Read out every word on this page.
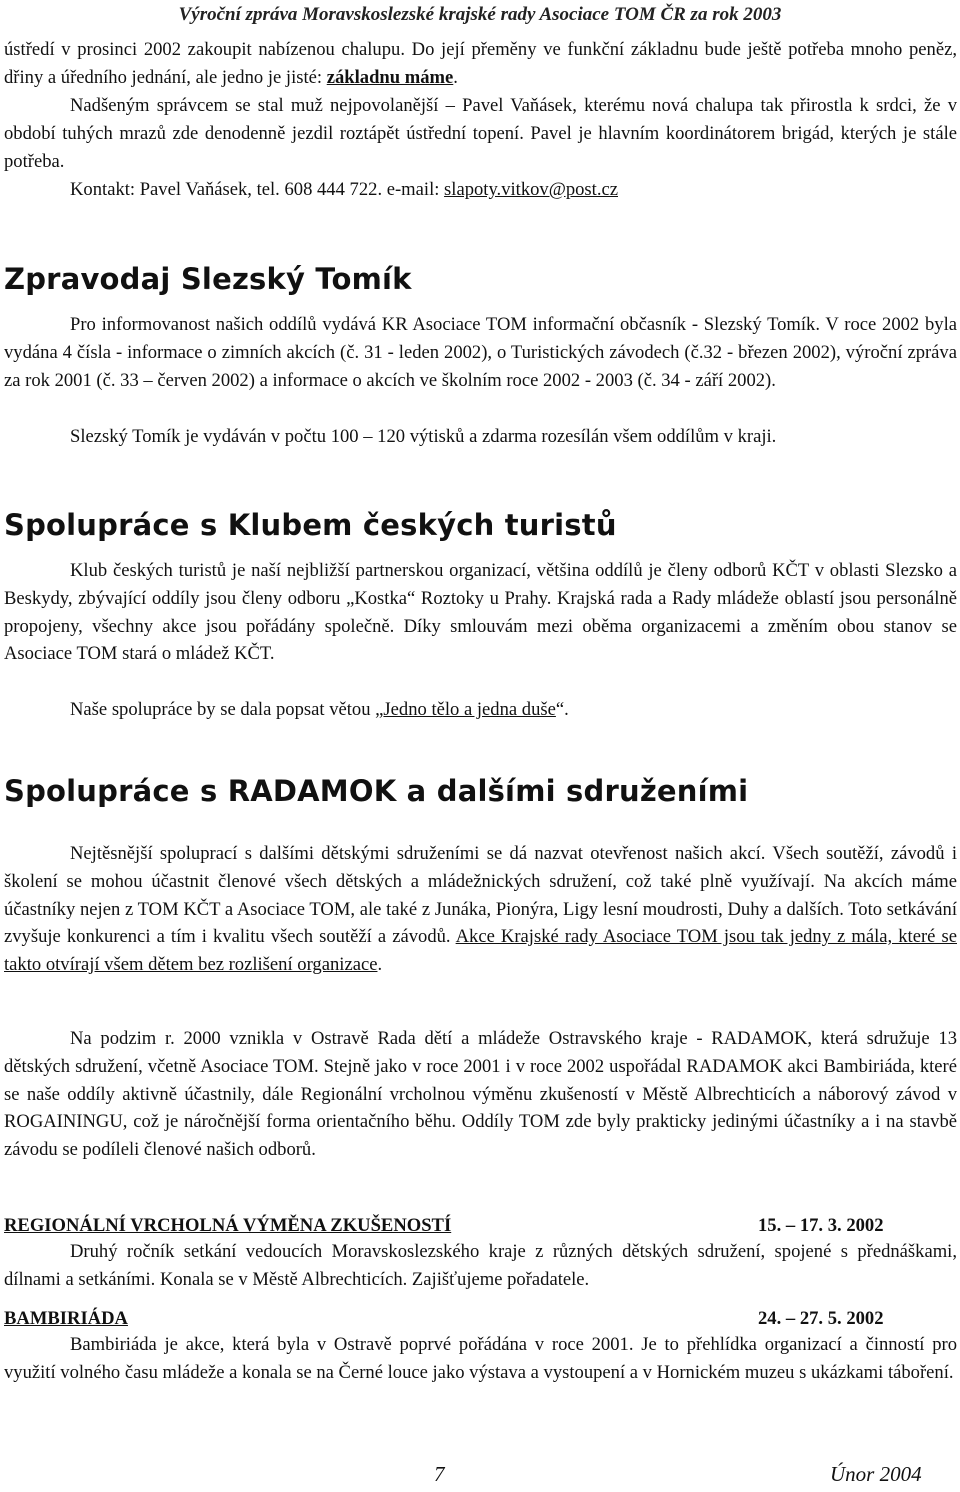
Výroční zpráva Moravskoslezské krajské rady Asociace TOM ČR za rok 2003
ústředí v prosinci 2002 zakoupit nabízenou chalupu. Do její přeměny ve funkční základnu bude ještě potřeba mnoho peněz, dřiny a úředního jednání, ale jedno je jisté: základnu máme.
Nadšeným správcem se stal muž nejpovolanější – Pavel Vaňásek, kterému nová chalupa tak přirostla k srdci, že v období tuhých mrazů zde denodenně jezdil roztápět ústřední topení. Pavel je hlavním koordinátorem brigád, kterých je stále potřeba.
Kontakt: Pavel Vaňásek, tel. 608 444 722. e-mail: slapoty.vitkov@post.cz
Zpravodaj Slezský Tomík
Pro informovanost našich oddílů vydává KR Asociace TOM informační občasník - Slezský Tomík. V roce 2002 byla vydána 4 čísla - informace o zimních akcích (č. 31 - leden 2002), o Turistických závodech (č.32 - březen 2002), výroční zpráva za rok 2001 (č. 33 – červen 2002) a informace o akcích ve školním roce 2002 - 2003 (č. 34 - září 2002).
Slezský Tomík je vydáván v počtu 100 – 120 výtisků a zdarma rozesílán všem oddílům v kraji.
Spolupráce s Klubem českých turistů
Klub českých turistů je naší nejbližší partnerskou organizací, většina oddílů je členy odborů KČT v oblasti Slezsko a Beskydy, zbývající oddíly jsou členy odboru „Kostka“ Roztoky u Prahy. Krajská rada a Rady mládeže oblastí jsou personálně propojeny, všechny akce jsou pořádány společně. Díky smlouvám mezi oběma organizacemi a změním obou stanov se Asociace TOM stará o mládež KČT.
Naše spolupráce by se dala popsat větou „Jedno tělo a jedna duše“.
Spolupráce s RADAMOK a dalšími sdruženími
Nejtěsnější spoluprací s dalšími dětskými sdruženími se dá nazvat otevřenost našich akcí. Všech soutěží, závodů i školení se mohou účastnit členové všech dětských a mládežnických sdružení, což také plně využívají. Na akcích máme účastníky nejen z TOM KČT a Asociace TOM, ale také z Junáka, Pionýra, Ligy lesní moudrosti, Duhy a dalších. Toto setkávání zvyšuje konkurenci a tím i kvalitu všech soutěží a závodů. Akce Krajské rady Asociace TOM jsou tak jedny z mála, které se takto otvírají všem dětem bez rozlišení organizace.
Na podzim r. 2000 vznikla v Ostravě Rada dětí a mládeže Ostravského kraje - RADAMOK, která sdružuje 13 dětských sdružení, včetně Asociace TOM. Stejně jako v roce 2001 i v roce 2002 uspořádal RADAMOK akci Bambiriáda, které se naše oddíly aktivně účastnily, dále Regionální vrcholnou výměnu zkušeností v Městě Albrechticích a náborový závod v ROGAININGU, což je náročnější forma orientačního běhu. Oddíly TOM zde byly prakticky jedinými účastníky a i na stavbě závodu se podíleli členové našich odborů.
REGIONÁLNÍ VRCHOLNÁ VÝMĚNA ZKUŠENOSTÍ	15. – 17. 3. 2002
Druhý ročník setkání vedoucích Moravskoslezského kraje z různých dětských sdružení, spojené s přednáškami, dílnami a setkáními. Konala se v Městě Albrechticích. Zajišťujeme pořadatele.
BAMBIRIÁDA	24. – 27. 5. 2002
Bambiriáda je akce, která byla v Ostravě poprvé pořádána v roce 2001. Je to přehlídka organizací a činností pro využití volného času mládeže a konala se na Černé louce jako výstava a vystoupení a v Hornickém muzeu s ukázkami táboření.
7	Únor 2004
